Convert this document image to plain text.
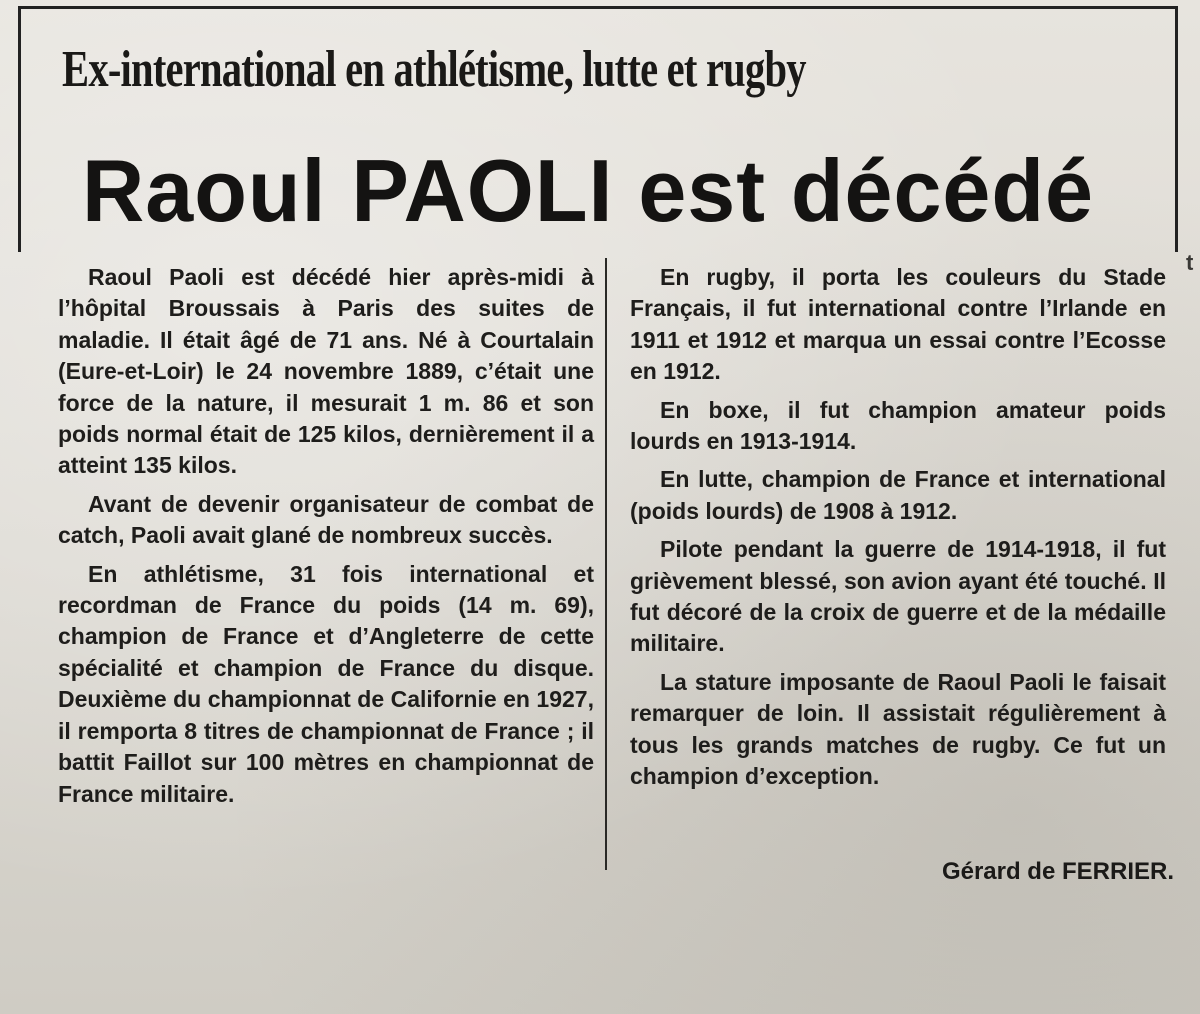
Ex-international en athlétisme, lutte et rugby
Raoul PAOLI est décédé

Raoul Paoli est décédé hier après-midi à l’hôpital Broussais à Paris des suites de maladie. Il était âgé de 71 ans. Né à Courtalain (Eure-et-Loir) le 24 novembre 1889, c’était une force de la nature, il mesurait 1 m. 86 et son poids normal était de 125 kilos, dernièrement il a atteint 135 kilos.

Avant de devenir organisateur de combat de catch, Paoli avait glané de nombreux succès.

En athlétisme, 31 fois international et recordman de France du poids (14 m. 69), champion de France et d’Angleterre de cette spécialité et champion de France du disque. Deuxième du championnat de Californie en 1927, il remporta 8 titres de championnat de France ; il battit Faillot sur 100 mètres en championnat de France militaire.

En rugby, il porta les couleurs du Stade Français, il fut international contre l’Irlande en 1911 et 1912 et marqua un essai contre l’Ecosse en 1912.

En boxe, il fut champion amateur poids lourds en 1913-1914.

En lutte, champion de France et international (poids lourds) de 1908 à 1912.

Pilote pendant la guerre de 1914-1918, il fut grièvement blessé, son avion ayant été touché. Il fut décoré de la croix de guerre et de la médaille militaire.

La stature imposante de Raoul Paoli le faisait remarquer de loin. Il assistait régulièrement à tous les grands matches de rugby. Ce fut un champion d’exception.

Gérard de FERRIER.
t
